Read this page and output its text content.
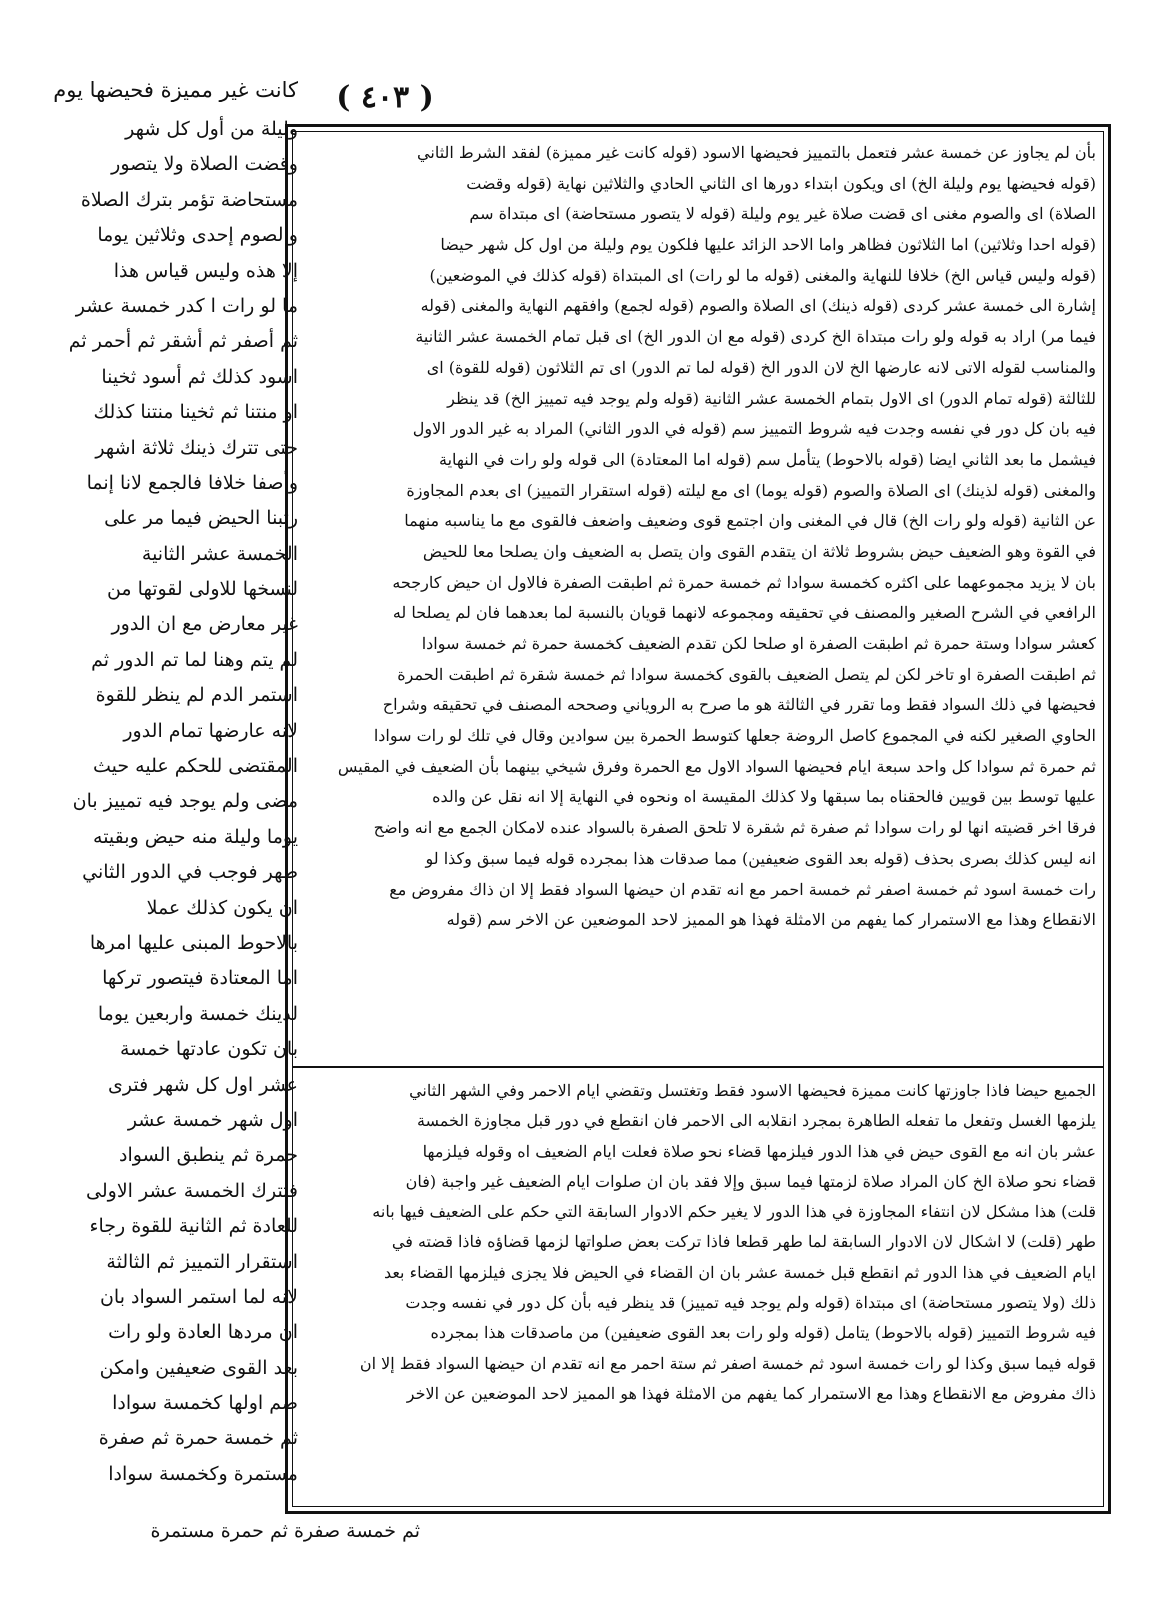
( ٤٠٣ )
كانت غير مميزة فحيضها يوم
وليلة من أول كل شهر
وقضت الصلاة ولا يتصور
مستحاضة تؤمر بترك الصلاة
والصوم إحدى وثلاثين يوما
إلا هذه وليس قياس هذا
ما لو رات ا كدر خمسة عشر
ثم أصفر ثم أشقر ثم أحمر ثم
اسود كذلك ثم أسود ثخينا
او منتنا ثم ثخينا منتنا كذلك
حتى تترك ذينك ثلاثة اشهر
وأصفا خلافا فالجمع لانا إنما
رتبنا الحيض فيما مر على
الخمسة عشر الثانية
لنسخها للاولى لقوتها من
غير معارض مع ان الدور
لم يتم وهنا لما تم الدور ثم
استمر الدم لم ينظر للقوة
لانه عارضها تمام الدور
المقتضى للحكم عليه حيث
مضى ولم يوجد فيه تمييز بان
يوما وليلة منه حيض وبقيته
طهر فوجب في الدور الثاني
ان يكون كذلك عملا
بالاحوط المبنى عليها امرها
اما المعتادة فيتصور تركها
لذينك خمسة واربعين يوما
بان تكون عادتها خمسة
عشر اول كل شهر فترى
اول شهر خمسة عشر
حمرة ثم ينطبق السواد
فتترك الخمسة عشر الاولى
للعادة ثم الثانية للقوة رجاء
استقرار التمييز ثم الثالثة
لانه لما استمر السواد بان
ان مردها العادة ولو رات
بعد القوى ضعيفين وامكن
ضم اولها كخمسة سوادا
ثم خمسة حمرة ثم صفرة
مستمرة وكخمسة سوادا
بأن لم يجاوز عن خمسة عشر فتعمل بالتمييز فحيضها الاسود (قوله كانت غير مميزة) لفقد الشرط الثاني
(قوله فحيضها يوم وليلة الخ) اى ويكون ابتداء دورها اى الثاني الحادي والثلاثين نهاية (قوله وقضت
الصلاة) اى والصوم مغنى اى قضت صلاة غير يوم وليلة (قوله لا يتصور مستحاضة) اى مبتداة سم
(قوله احدا وثلاثين) اما الثلاثون فظاهر واما الاحد الزائد عليها فلكون يوم وليلة من اول كل شهر حيضا
(قوله وليس قياس الخ) خلافا للنهاية والمغنى (قوله ما لو رات) اى المبتداة (قوله كذلك في الموضعين)
إشارة الى خمسة عشر كردى (قوله ذينك) اى الصلاة والصوم (قوله لجمع) وافقهم النهاية والمغنى (قوله
فيما مر) اراد به قوله ولو رات مبتداة الخ كردى (قوله مع ان الدور الخ) اى قبل تمام الخمسة عشر الثانية
والمناسب لقوله الاتى لانه عارضها الخ لان الدور الخ (قوله لما تم الدور) اى تم الثلاثون (قوله للقوة) اى
للثالثة (قوله تمام الدور) اى الاول بتمام الخمسة عشر الثانية (قوله ولم يوجد فيه تمييز الخ) قد ينظر
فيه بان كل دور في نفسه وجدت فيه شروط التمييز سم (قوله في الدور الثاني) المراد به غير الدور الاول
فيشمل ما بعد الثاني ايضا (قوله بالاحوط) يتأمل سم (قوله اما المعتادة) الى قوله ولو رات في النهاية
والمغنى (قوله لذينك) اى الصلاة والصوم (قوله يوما) اى مع ليلته (قوله استقرار التمييز) اى بعدم المجاوزة
عن الثانية (قوله ولو رات الخ) قال في المغنى وان اجتمع قوى وضعيف واضعف فالقوى مع ما يناسبه منهما
في القوة وهو الضعيف حيض بشروط ثلاثة ان يتقدم القوى وان يتصل به الضعيف وان يصلحا معا للحيض
بان لا يزيد مجموعهما على اكثره كخمسة سوادا ثم خمسة حمرة ثم اطبقت الصفرة فالاول ان حيض كارجحه
الرافعي في الشرح الصغير والمصنف في تحقيقه ومجموعه لانهما قويان بالنسبة لما بعدهما فان لم يصلحا له
كعشر سوادا وستة حمرة ثم اطبقت الصفرة او صلحا لكن تقدم الضعيف كخمسة حمرة ثم خمسة سوادا
ثم اطبقت الصفرة او تاخر لكن لم يتصل الضعيف بالقوى كخمسة سوادا ثم خمسة شقرة ثم اطبقت الحمرة
فحيضها في ذلك السواد فقط وما تقرر في الثالثة هو ما صرح به الروياني وصححه المصنف في تحقيقه وشراح
الحاوي الصغير لكنه في المجموع كاصل الروضة جعلها كتوسط الحمرة بين سوادين وقال في تلك لو رات سوادا
ثم حمرة ثم سوادا كل واحد سبعة ايام فحيضها السواد الاول مع الحمرة وفرق شيخي بينهما بأن الضعيف في المقيس
عليها توسط بين قويين فالحقناه بما سبقها ولا كذلك المقيسة اه ونحوه في النهاية إلا انه نقل عن والده
فرقا اخر قضيته انها لو رات سوادا ثم صفرة ثم شقرة لا تلحق الصفرة بالسواد عنده لامكان الجمع مع انه واضح
انه ليس كذلك بصرى بحذف (قوله بعد القوى ضعيفين) مما صدقات هذا بمجرده قوله فيما سبق وكذا لو
رات خمسة اسود ثم خمسة اصفر ثم خمسة احمر مع انه تقدم ان حيضها السواد فقط إلا ان ذاك مفروض مع
الانقطاع وهذا مع الاستمرار كما يفهم من الامثلة فهذا هو المميز لاحد الموضعين عن الاخر سم (قوله
الجميع حيضا فاذا جاوزتها كانت مميزة فحيضها الاسود فقط وتغتسل وتقضي ايام الاحمر وفي الشهر الثاني
يلزمها الغسل وتفعل ما تفعله الطاهرة بمجرد انقلابه الى الاحمر فان انقطع في دور قبل مجاوزة الخمسة
عشر بان انه مع القوى حيض في هذا الدور فيلزمها قضاء نحو صلاة فعلت ايام الضعيف اه وقوله فيلزمها
قضاء نحو صلاة الخ كان المراد صلاة لزمتها فيما سبق وإلا فقد بان ان صلوات ايام الضعيف غير واجبة (فان
قلت) هذا مشكل لان انتفاء المجاوزة في هذا الدور لا يغير حكم الادوار السابقة التي حكم على الضعيف فيها بانه
طهر (قلت) لا اشكال لان الادوار السابقة لما طهر قطعا فاذا تركت بعض صلواتها لزمها قضاؤه فاذا قضته في
ايام الضعيف في هذا الدور ثم انقطع قبل خمسة عشر بان ان القضاء في الحيض فلا يجزى فيلزمها القضاء بعد
ذلك (ولا يتصور مستحاضة) اى مبتداة (قوله ولم يوجد فيه تمييز) قد ينظر فيه بأن كل دور في نفسه وجدت
فيه شروط التمييز (قوله بالاحوط) يتامل (قوله ولو رات بعد القوى ضعيفين) من ماصدقات هذا بمجرده
قوله فيما سبق وكذا لو رات خمسة اسود ثم خمسة اصفر ثم ستة احمر مع انه تقدم ان حيضها السواد فقط إلا ان
ذاك مفروض مع الانقطاع وهذا مع الاستمرار كما يفهم من الامثلة فهذا هو المميز لاحد الموضعين عن الاخر
ثم خمسة صفرة ثم حمرة مستمرة
